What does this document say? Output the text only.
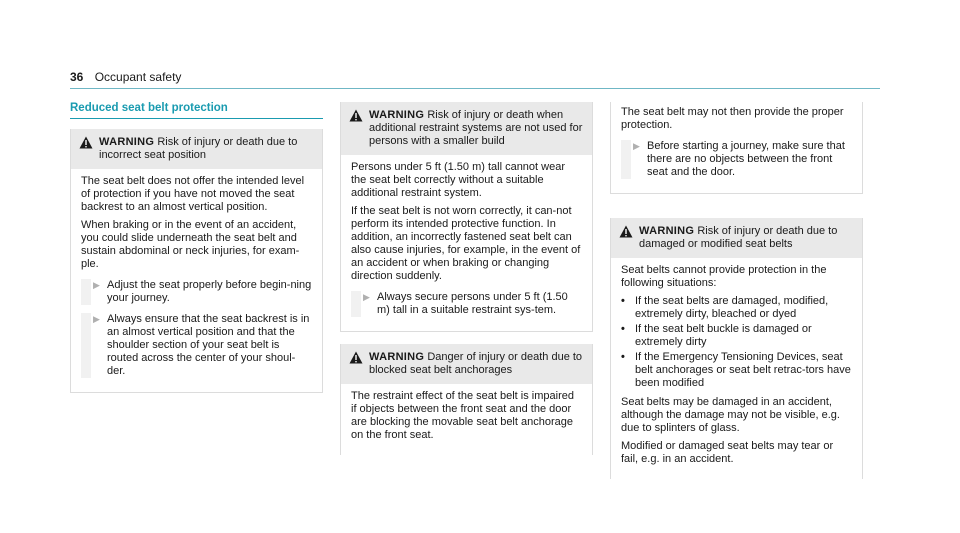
36 Occupant safety
Reduced seat belt protection
WARNING Risk of injury or death due to incorrect seat position

The seat belt does not offer the intended level of protection if you have not moved the seat backrest to an almost vertical position.

When braking or in the event of an accident, you could slide underneath the seat belt and sustain abdominal or neck injuries, for exam-ple.

▶ Adjust the seat properly before begin-ning your journey.
▶ Always ensure that the seat backrest is in an almost vertical position and that the shoulder section of your seat belt is routed across the center of your shoul-der.
WARNING Risk of injury or death when additional restraint systems are not used for persons with a smaller build

Persons under 5 ft (1.50 m) tall cannot wear the seat belt correctly without a suitable additional restraint system.

If the seat belt is not worn correctly, it can-not perform its intended protective function. In addition, an incorrectly fastened seat belt can also cause injuries, for example, in the event of an accident or when braking or changing direction suddenly.

▶ Always secure persons under 5 ft (1.50 m) tall in a suitable restraint sys-tem.
WARNING Danger of injury or death due to blocked seat belt anchorages

The restraint effect of the seat belt is impaired if objects between the front seat and the door are blocking the movable seat belt anchorage on the front seat.

The seat belt may not then provide the proper protection.

▶ Before starting a journey, make sure that there are no objects between the front seat and the door.
WARNING Risk of injury or death due to damaged or modified seat belts

Seat belts cannot provide protection in the following situations:

• If the seat belts are damaged, modified, extremely dirty, bleached or dyed
• If the seat belt buckle is damaged or extremely dirty
• If the Emergency Tensioning Devices, seat belt anchorages or seat belt retrac-tors have been modified

Seat belts may be damaged in an accident, although the damage may not be visible, e.g. due to splinters of glass.

Modified or damaged seat belts may tear or fail, e.g. in an accident.
